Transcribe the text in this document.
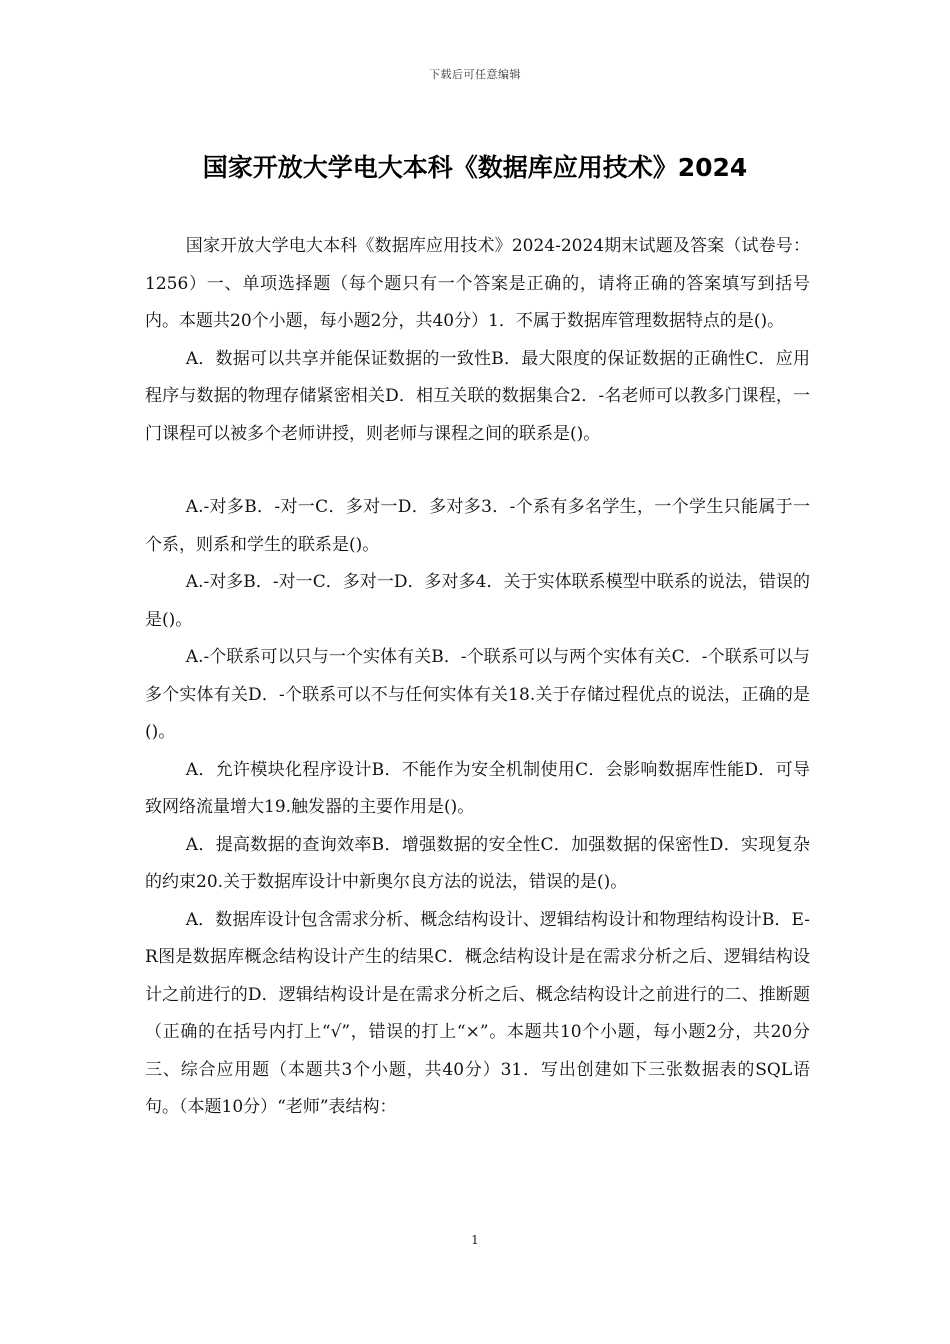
下载后可任意编辑
国家开放大学电大本科《数据库应用技术》2024

国家开放大学电大本科《数据库应用技术》2024-2024期末试题及答案（试卷号：1256）一、单项选择题（每个题只有一个答案是正确的，请将正确的答案填写到括号内。本题共20个小题，每小题2分，共40分）1．不属于数据库管理数据特点的是()。

A．数据可以共享并能保证数据的一致性B．最大限度的保证数据的正确性C．应用程序与数据的物理存储紧密相关D．相互关联的数据集合2．-名老师可以教多门课程，一门课程可以被多个老师讲授，则老师与课程之间的联系是()。

A.-对多B．-对一C．多对一D．多对多3．-个系有多名学生，一个学生只能属于一个系，则系和学生的联系是()。

A.-对多B．-对一C．多对一D．多对多4．关于实体联系模型中联系的说法，错误的是()。

A.-个联系可以只与一个实体有关B．-个联系可以与两个实体有关C．-个联系可以与多个实体有关D．-个联系可以不与任何实体有关18.关于存储过程优点的说法，正确的是()。

A．允许模块化程序设计B．不能作为安全机制使用C．会影响数据库性能D．可导致网络流量增大19.触发器的主要作用是()。

A．提高数据的查询效率B．增强数据的安全性C．加强数据的保密性D．实现复杂的约束20.关于数据库设计中新奥尔良方法的说法，错误的是()。

A．数据库设计包含需求分析、概念结构设计、逻辑结构设计和物理结构设计B．E-R图是数据库概念结构设计产生的结果C．概念结构设计是在需求分析之后、逻辑结构设计之前进行的D．逻辑结构设计是在需求分析之后、概念结构设计之前进行的二、推断题（正确的在括号内打上“√”，错误的打上“×”。本题共10个小题，每小题2分，共20分三、综合应用题（本题共3个小题，共40分）31．写出创建如下三张数据表的SQL语句。（本题10分）“老师”表结构：

1
